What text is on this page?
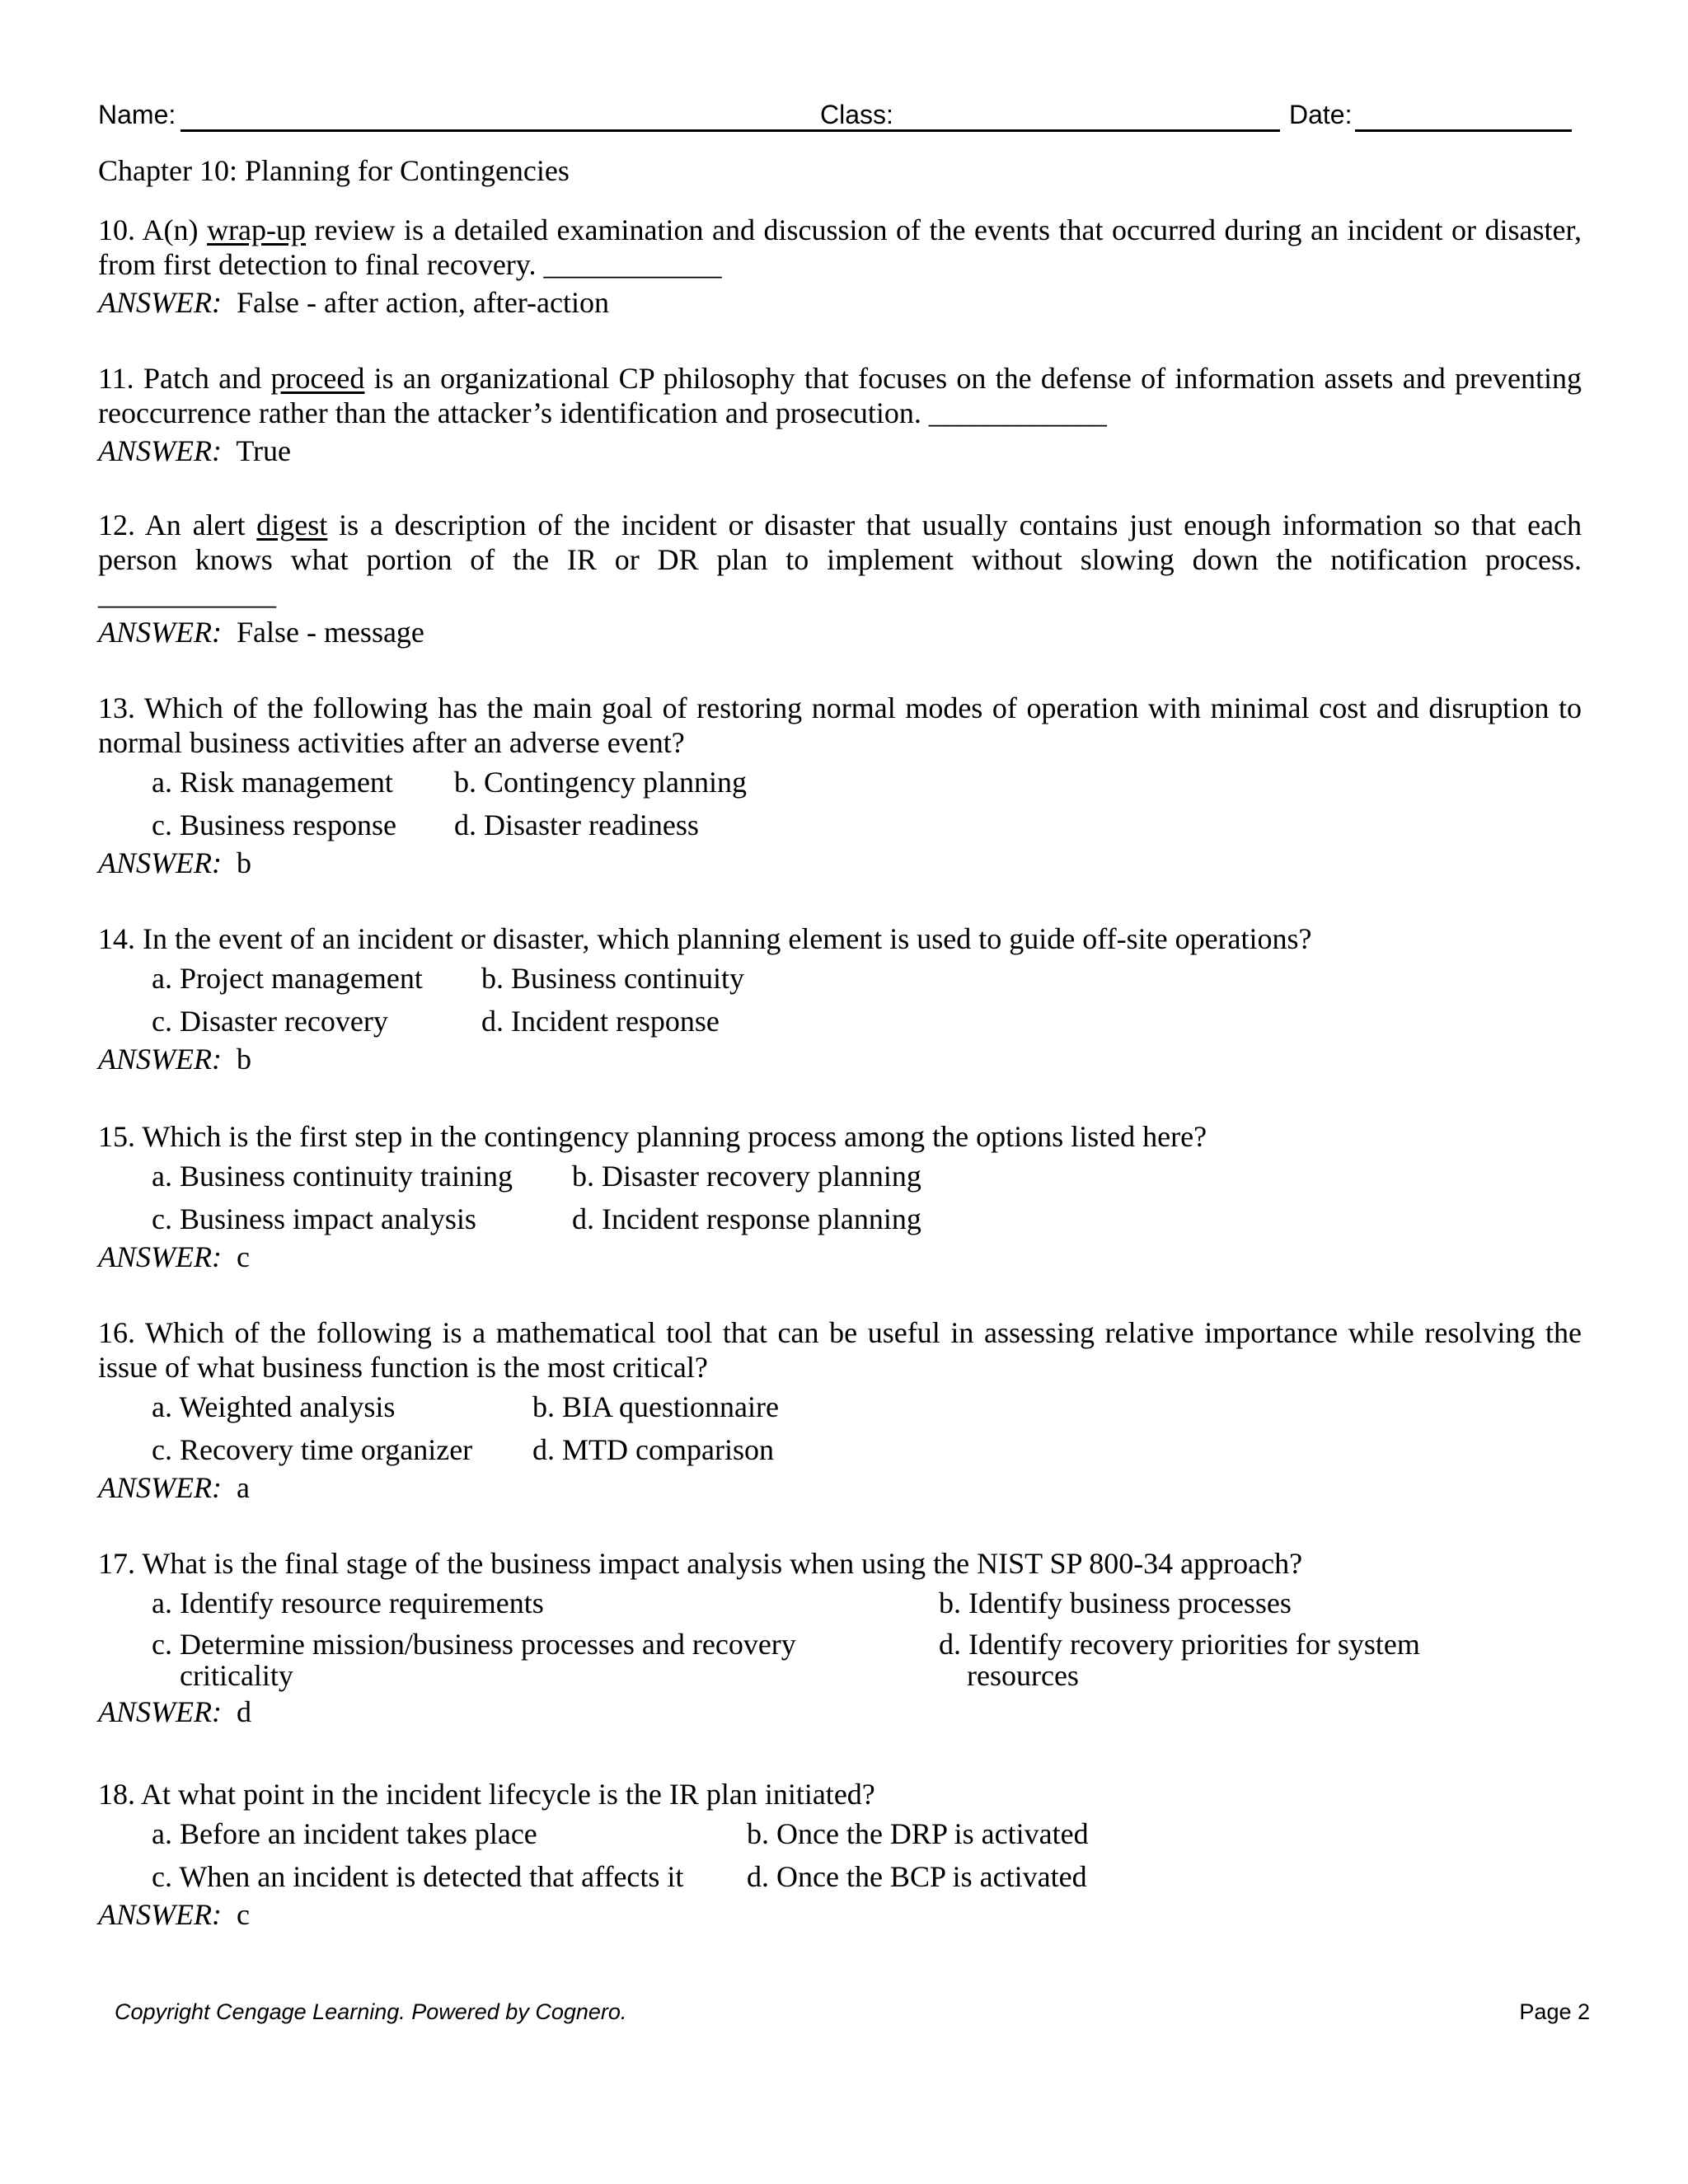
Name:	Class:	Date:
Chapter 10: Planning for Contingencies

10. A(n) wrap-up review is a detailed examination and discussion of the events that occurred during an incident or disaster, from first detection to final recovery. ____________

ANSWER: False - after action, after-action

11. Patch and proceed is an organizational CP philosophy that focuses on the defense of information assets and preventing reoccurrence rather than the attacker’s identification and prosecution. ____________

ANSWER: True

12. An alert digest is a description of the incident or disaster that usually contains just enough information so that each person knows what portion of the IR or DR plan to implement without slowing down the notification process. ____________

ANSWER: False - message

13. Which of the following has the main goal of restoring normal modes of operation with minimal cost and disruption to normal business activities after an adverse event?

a. Risk management b. Contingency planning
c. Business response d. Disaster readiness

ANSWER: b

14. In the event of an incident or disaster, which planning element is used to guide off-site operations?

a. Project management b. Business continuity
c. Disaster recovery	d. Incident response

ANSWER: b

15. Which is the first step in the contingency planning process among the options listed here?

a. Business continuity training b. Disaster recovery planning
c. Business impact analysis	d. Incident response planning

ANSWER: c

16. Which of the following is a mathematical tool that can be useful in assessing relative importance while resolving the issue of what business function is the most critical?

a. Weighted analysis	b. BIA questionnaire
c. Recovery time organizer d. MTD comparison

ANSWER: a

17. What is the final stage of the business impact analysis when using the NIST SP 800-34 approach?

a. Identify resource requirements	b. Identify business processes
c. Determine mission/business processes and recovery criticality
d. Identify recovery priorities for system resources

ANSWER: d

18. At what point in the incident lifecycle is the IR plan initiated?

a. Before an incident takes place	b. Once the DRP is activated
c. When an incident is detected that affects it d. Once the BCP is activated

ANSWER: c

Copyright Cengage Learning. Powered by Cognero.	Page 2
